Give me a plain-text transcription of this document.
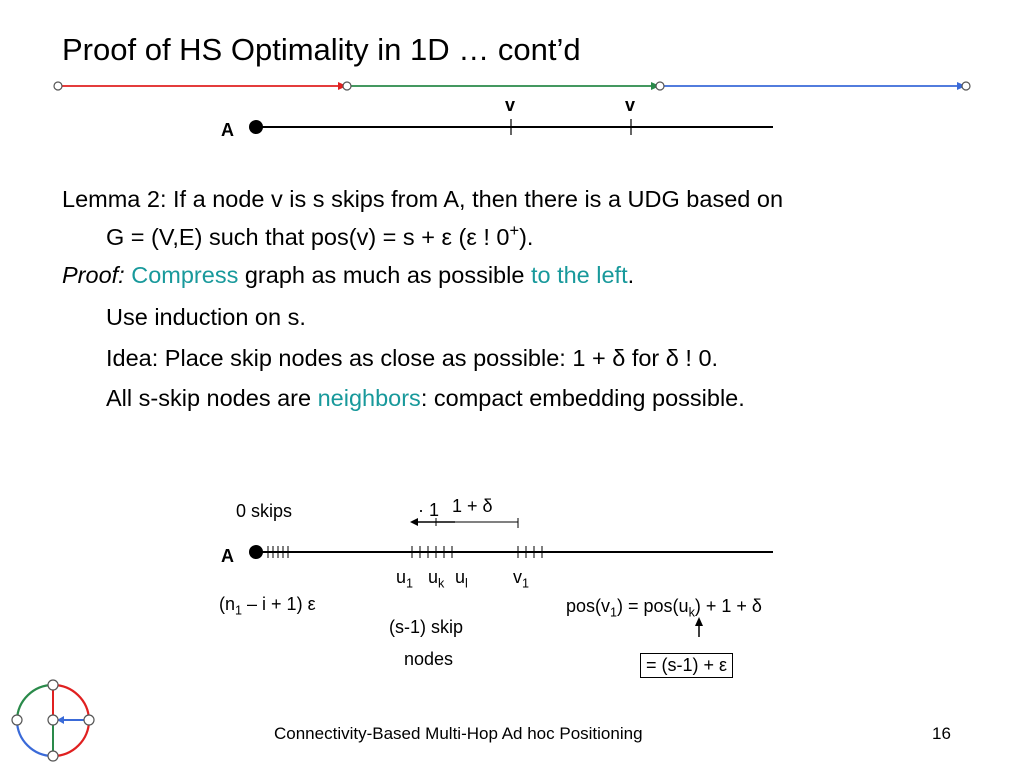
Proof of HS Optimality in 1D … cont’d
A
v	v
Lemma 2: If a node v is s skips from A, then there is a UDG based on
G = (V,E) such that pos(v) = s + ε (ε ! 0+).
Proof: Compress graph as much as possible to the left.
Use induction on s.
Idea: Place skip nodes as close as possible: 1 + δ for δ ! 0.
All s-skip nodes are neighbors: compact embedding possible.
0 skips
A
· 1 1 + δ
$u_1$ $u_k$ $u_l$	$v_1$
$(n_1 - i + 1)$ ε
(s-1) skip
nodes
$pos(v_1) = pos(u_k) + 1 + \delta$
= (s-1) + ε
Connectivity-Based Multi-Hop Ad hoc Positioning	16
